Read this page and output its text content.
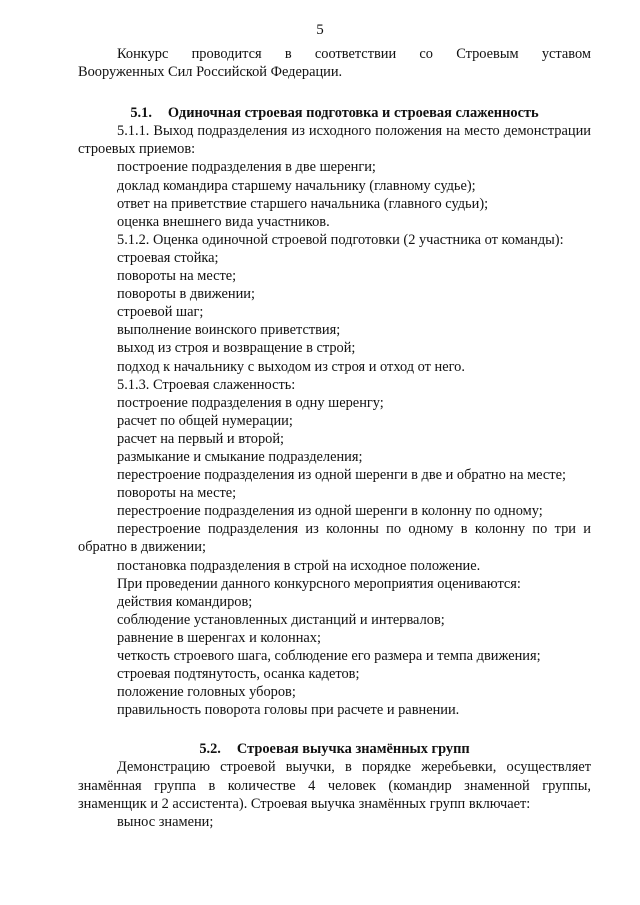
5

Конкурс проводится в соответствии со Строевым уставом

Вооруженных Сил Российской Федерации.

5.1. Одиночная строевая подготовка и строевая слаженность

5.1.1. Выход подразделения из исходного положения на место демонстрации строевых приемов:

построение подразделения в две шеренги;

доклад командира старшему начальнику (главному судье);

ответ на приветствие старшего начальника (главного судьи);

оценка внешнего вида участников.

5.1.2. Оценка одиночной строевой подготовки (2 участника от команды):

строевая стойка;

повороты на месте;

повороты в движении;

строевой шаг;

выполнение воинского приветствия;

выход из строя и возвращение в строй;

подход к начальнику с выходом из строя и отход от него.

5.1.3. Строевая слаженность:

построение подразделения в одну шеренгу;

расчет по общей нумерации;

расчет на первый и второй;

размыкание и смыкание подразделения;

перестроение подразделения из одной шеренги в две и обратно на месте;

повороты на месте;

перестроение подразделения из одной шеренги в колонну по одному;

перестроение подразделения из колонны по одному в колонну по три и обратно в движении;

постановка подразделения в строй на исходное положение.

При проведении данного конкурсного мероприятия оцениваются:

действия командиров;

соблюдение установленных дистанций и интервалов;

равнение в шеренгах и колоннах;

четкость строевого шага, соблюдение его размера и темпа движения;

строевая подтянутость, осанка кадетов;

положение головных уборов;

правильность поворота головы при расчете и равнении.

5.2. Строевая выучка знамённых групп

Демонстрацию строевой выучки, в порядке жеребьевки, осуществляет знамённая группа в количестве 4 человек (командир знаменной группы, знаменщик и 2 ассистента). Строевая выучка знамённых групп включает:

вынос знамени;
